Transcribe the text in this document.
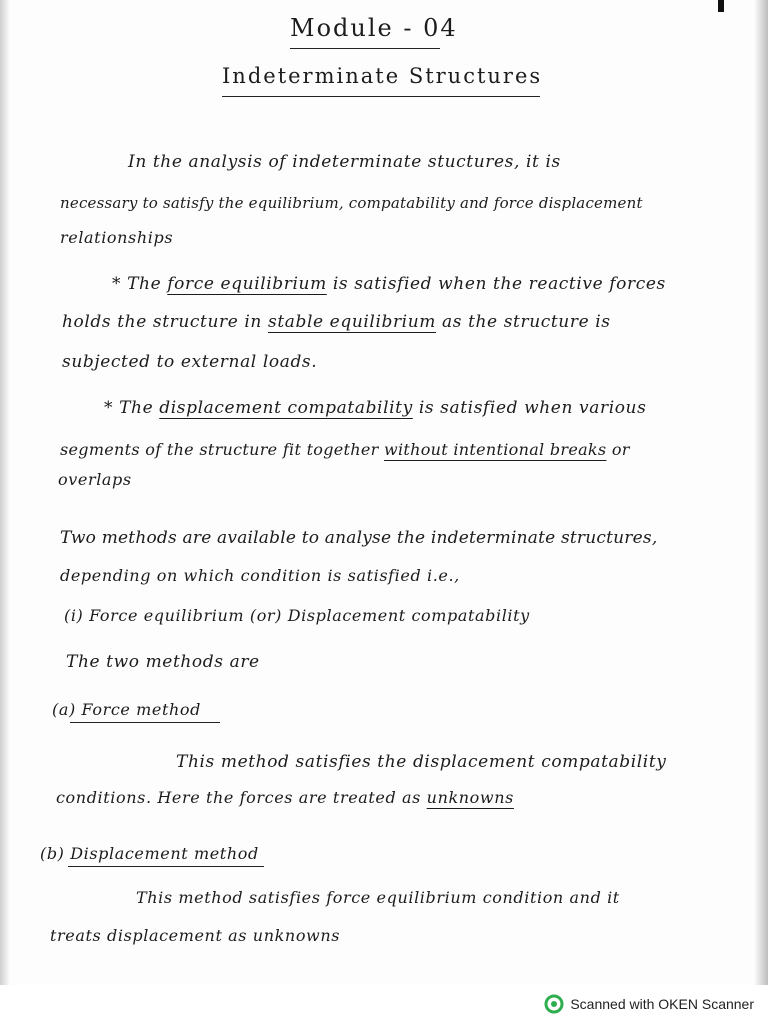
Module - 04
Indeterminate Structures
In the analysis of indeterminate stuctures, it is
necessary to satisfy the equilibrium, compatability and force displacement
relationships
* The force equilibrium is satisfied when the reactive forces
holds the structure in stable equilibrium as the structure is
subjected to external loads.
* The displacement compatability is satisfied when various
segments of the structure fit together without intentional breaks or
overlaps
Two methods are available to analyse the indeterminate structures,
depending on which condition is satisfied i.e.,
(i) Force equilibrium (or) Displacement compatability
The two methods are
(a) Force method
This method satisfies the displacement compatability
conditions. Here the forces are treated as unknowns
(b) Displacement method
This method satisfies force equilibrium condition and it
treats displacement as unknowns
Scanned with OKEN Scanner
